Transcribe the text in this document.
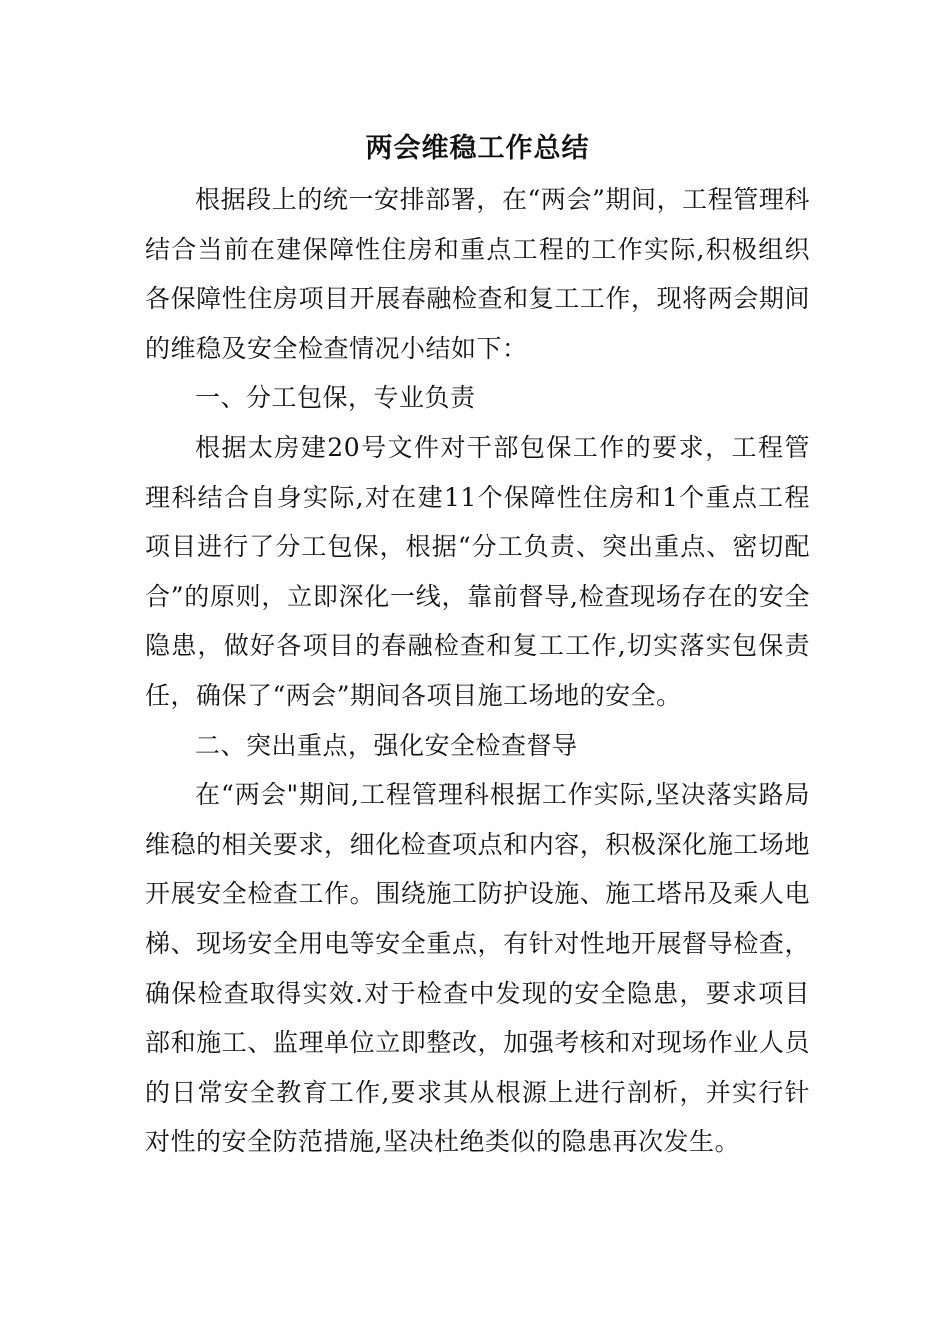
两会维稳工作总结

根据段上的统一安排部署，在“两会”期间，工程管理科结合当前在建保障性住房和重点工程的工作实际,积极组织各保障性住房项目开展春融检查和复工工作，现将两会期间的维稳及安全检查情况小结如下：

一、分工包保，专业负责

根据太房建20号文件对干部包保工作的要求，工程管理科结合自身实际,对在建11个保障性住房和1个重点工程项目进行了分工包保，根据“分工负责、突出重点、密切配合”的原则，立即深化一线，靠前督导,检查现场存在的安全隐患，做好各项目的春融检查和复工工作,切实落实包保责任，确保了“两会”期间各项目施工场地的安全。

二、突出重点，强化安全检查督导

在“两会"期间,工程管理科根据工作实际,坚决落实路局维稳的相关要求，细化检查项点和内容，积极深化施工场地开展安全检查工作。围绕施工防护设施、施工塔吊及乘人电梯、现场安全用电等安全重点，有针对性地开展督导检查，确保检查取得实效.对于检查中发现的安全隐患，要求项目部和施工、监理单位立即整改，加强考核和对现场作业人员的日常安全教育工作,要求其从根源上进行剖析，并实行针对性的安全防范措施,坚决杜绝类似的隐患再次发生。
